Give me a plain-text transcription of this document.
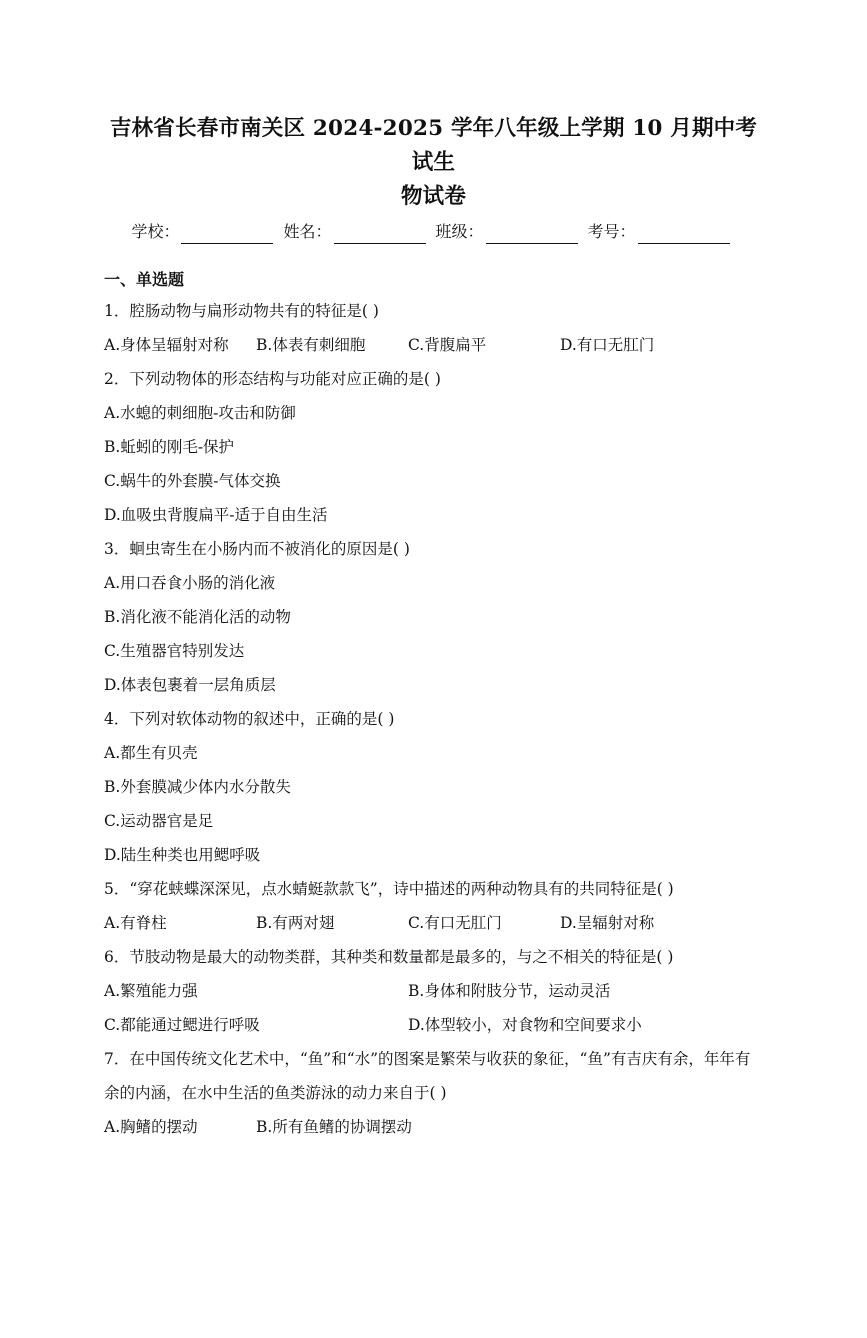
吉林省长春市南关区 2024-2025 学年八年级上学期 10 月期中考试生
物试卷
学校：	姓名：	班级：	考号：
一、单选题
1．腔肠动物与扁形动物共有的特征是( )
A.身体呈辐射对称	B.体表有刺细胞	C.背腹扁平	D.有口无肛门
2．下列动物体的形态结构与功能对应正确的是( )
A.水螅的刺细胞-攻击和防御
B.蚯蚓的刚毛-保护
C.蜗牛的外套膜-气体交换
D.血吸虫背腹扁平-适于自由生活
3．蛔虫寄生在小肠内而不被消化的原因是( )
A.用口吞食小肠的消化液
B.消化液不能消化活的动物
C.生殖器官特别发达
D.体表包裹着一层角质层
4．下列对软体动物的叙述中，正确的是( )
A.都生有贝壳
B.外套膜减少体内水分散失
C.运动器官是足
D.陆生种类也用鳃呼吸
5．“穿花蛱蝶深深见，点水蜻蜓款款飞”，诗中描述的两种动物具有的共同特征是( )
A.有脊柱	B.有两对翅	C.有口无肛门	D.呈辐射对称
6．节肢动物是最大的动物类群，其种类和数量都是最多的，与之不相关的特征是( )
A.繁殖能力强	B.身体和附肢分节，运动灵活
C.都能通过鳃进行呼吸	D.体型较小，对食物和空间要求小
7．在中国传统文化艺术中，“鱼”和“水”的图案是繁荣与收获的象征，“鱼”有吉庆有余，年年有余的内涵，在水中生活的鱼类游泳的动力来自于( )
A.胸鳍的摆动	B.所有鱼鳍的协调摆动
